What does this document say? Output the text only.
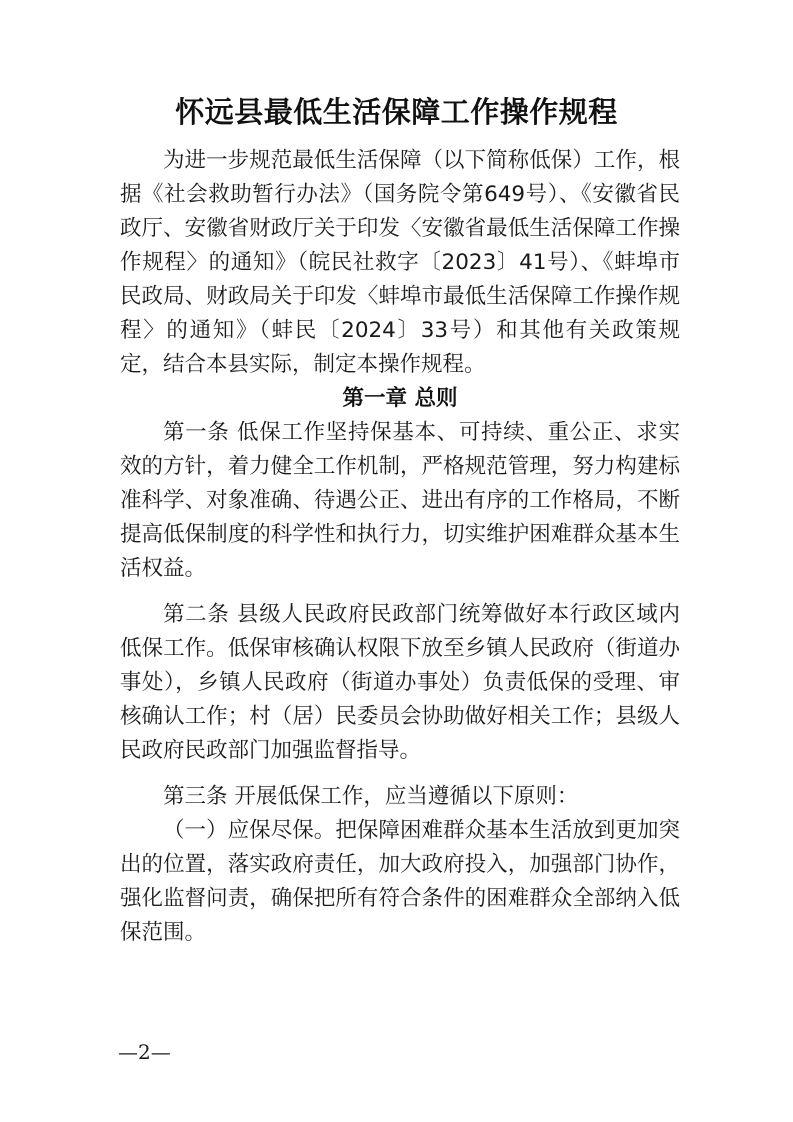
怀远县最低生活保障工作操作规程

为进一步规范最低生活保障（以下简称低保）工作，根据《社会救助暂行办法》（国务院令第649号）、《安徽省民政厅、安徽省财政厅关于印发〈安徽省最低生活保障工作操作规程〉的通知》（皖民社救字〔2023〕41号）、《蚌埠市民政局、财政局关于印发〈蚌埠市最低生活保障工作操作规程〉的通知》（蚌民〔2024〕33号）和其他有关政策规定，结合本县实际，制定本操作规程。

第一章 总则

第一条 低保工作坚持保基本、可持续、重公正、求实效的方针，着力健全工作机制，严格规范管理，努力构建标准科学、对象准确、待遇公正、进出有序的工作格局，不断提高低保制度的科学性和执行力，切实维护困难群众基本生活权益。

第二条 县级人民政府民政部门统筹做好本行政区域内低保工作。低保审核确认权限下放至乡镇人民政府（街道办事处），乡镇人民政府（街道办事处）负责低保的受理、审核确认工作；村（居）民委员会协助做好相关工作；县级人民政府民政部门加强监督指导。

第三条 开展低保工作，应当遵循以下原则：

（一）应保尽保。把保障困难群众基本生活放到更加突出的位置，落实政府责任，加大政府投入，加强部门协作，强化监督问责，确保把所有符合条件的困难群众全部纳入低保范围。

—2—
